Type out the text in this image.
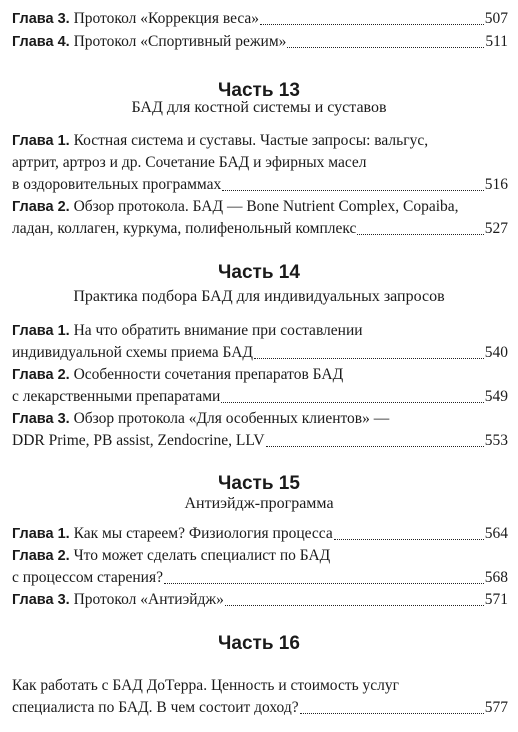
Глава 3. Протокол «Коррекция веса»	507
Глава 4. Протокол «Спортивный режим»	511
Часть 13
БАД для костной системы и суставов
Глава 1. Костная система и суставы. Частые запросы: вальгус,
артрит, артроз и др. Сочетание БАД и эфирных масел
в оздоровительных программах	516
Глава 2. Обзор протокола. БАД — Bone Nutrient Complex, Copaiba,
ладан, коллаген, куркума, полифенольный комплекс	527
Часть 14
Практика подбора БАД для индивидуальных запросов
Глава 1. На что обратить внимание при составлении
индивидуальной схемы приема БАД	540
Глава 2. Особенности сочетания препаратов БАД
с лекарственными препаратами	549
Глава 3. Обзор протокола «Для особенных клиентов» —
DDR Prime, PB assist, Zendocrine, LLV	553
Часть 15
Антиэйдж-программа
Глава 1. Как мы стареем? Физиология процесса	564
Глава 2. Что может сделать специалист по БАД
с процессом старения?	568
Глава 3. Протокол «Антиэйдж»	571
Часть 16
Как работать с БАД ДоТерра. Ценность и стоимость услуг
специалиста по БАД. В чем состоит доход?	577
